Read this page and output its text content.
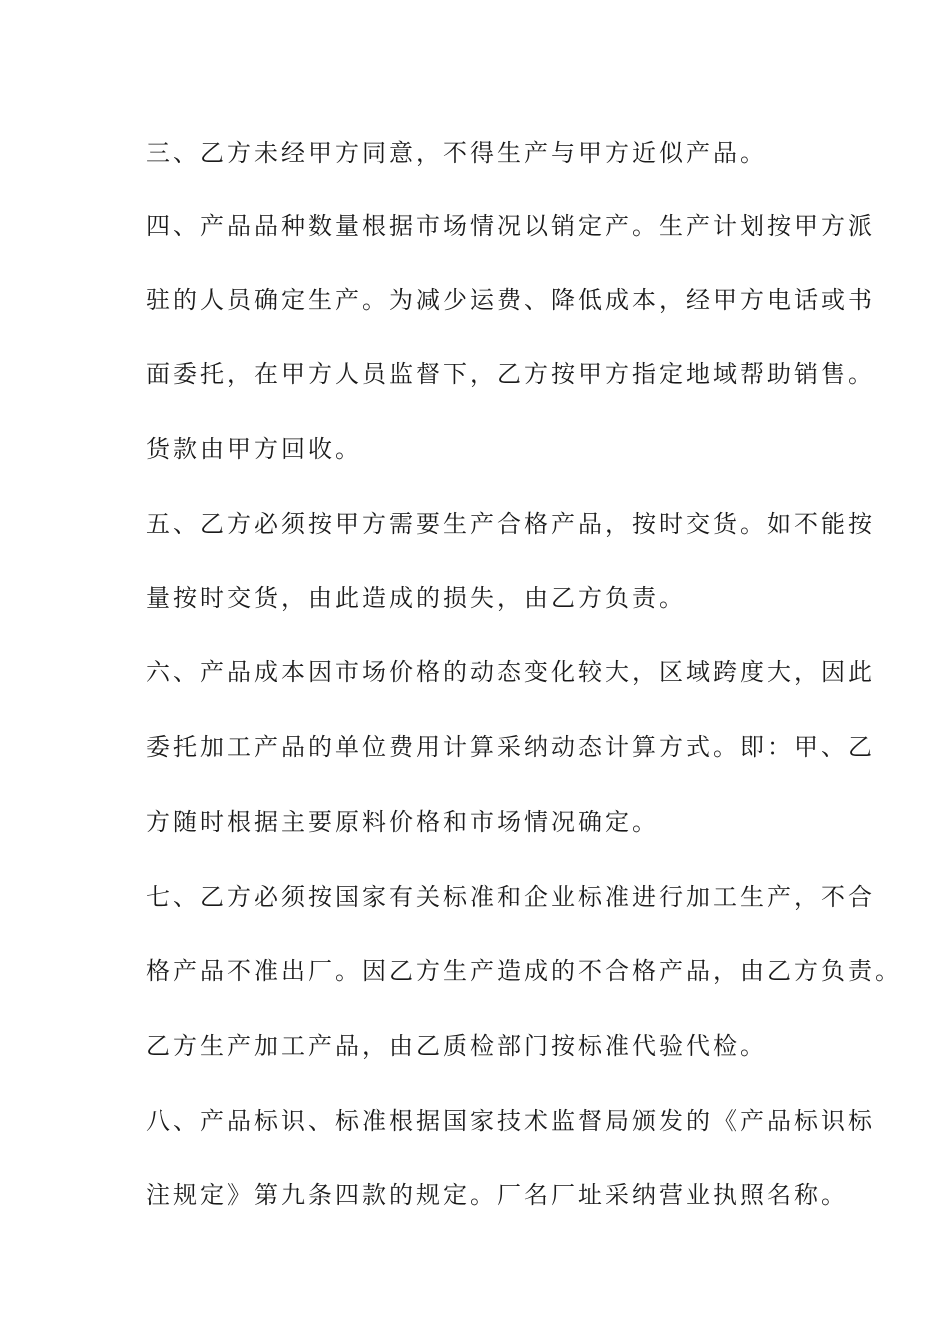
三、乙方未经甲方同意，不得生产与甲方近似产品。
四、产品品种数量根据市场情况以销定产。生产计划按甲方派
驻的人员确定生产。为减少运费、降低成本，经甲方电话或书
面委托，在甲方人员监督下，乙方按甲方指定地域帮助销售。
货款由甲方回收。
五、乙方必须按甲方需要生产合格产品，按时交货。如不能按
量按时交货，由此造成的损失，由乙方负责。
六、产品成本因市场价格的动态变化较大，区域跨度大，因此
委托加工产品的单位费用计算采纳动态计算方式。即：甲、乙
方随时根据主要原料价格和市场情况确定。
七、乙方必须按国家有关标准和企业标准进行加工生产，不合
格产品不准出厂。因乙方生产造成的不合格产品，由乙方负责。
乙方生产加工产品，由乙质检部门按标准代验代检。
八、产品标识、标准根据国家技术监督局颁发的《产品标识标
注规定》第九条四款的规定。厂名厂址采纳营业执照名称。
